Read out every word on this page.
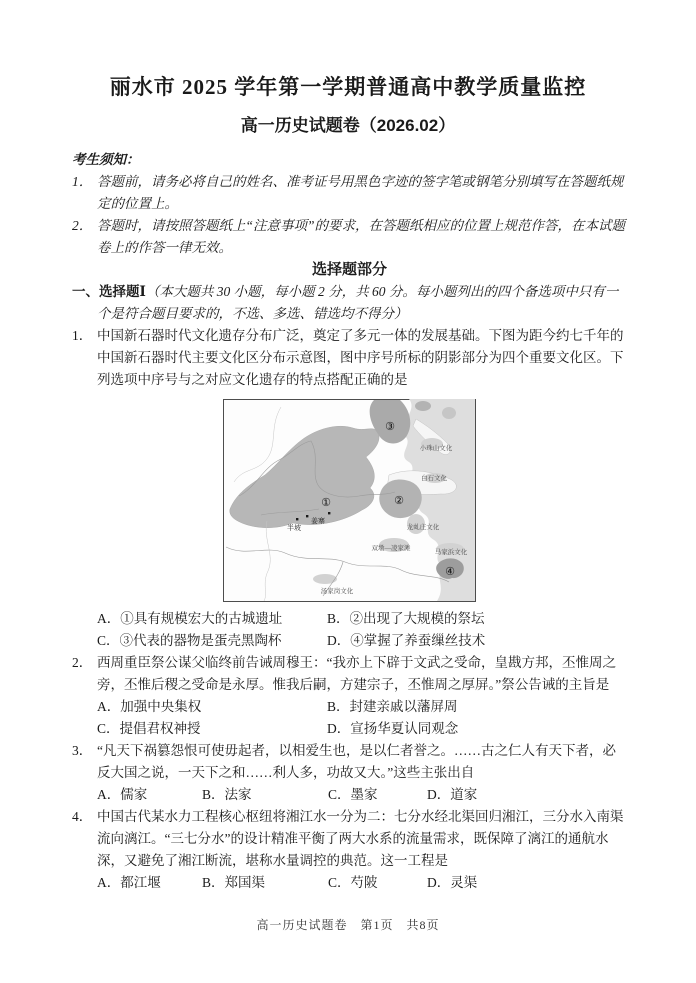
丽水市 2025 学年第一学期普通高中教学质量监控
高一历史试题卷（2026.02）
考生须知：
1． 答题前，请务必将自己的姓名、准考证号用黑色字迹的签字笔或钢笔分别填写在答题纸规定的位置上。
2． 答题时，请按照答题纸上“注意事项”的要求，在答题纸相应的位置上规范作答，在本试题卷上的作答一律无效。
选择题部分
一、选择题Ⅰ（本大题共 30 小题，每小题 2 分，共 60 分。每小题列出的四个备选项中只有一个是符合题目要求的，不选、多选、错选均不得分）
1． 中国新石器时代文化遗存分布广泛，奠定了多元一体的发展基础。下图为距今约七千年的中国新石器时代主要文化区分布示意图，图中序号所标的阴影部分为四个重要文化区。下列选项中序号与之对应文化遗存的特点搭配正确的是
①	②
③
④
半坡
姜寨
小珠山文化
白石文化
龙虬庄文化
双墩—凌家滩
马家浜文化
汤家岗文化
A．①具有规模宏大的古城遗址	B．②出现了大规模的祭坛
C．③代表的器物是蛋壳黑陶杯	D．④掌握了养蚕缫丝技术
2． 西周重臣祭公谋父临终前告诫周穆王：“我亦上下辟于文武之受命，皇戡方邦，丕惟周之旁，丕惟后稷之受命是永厚。惟我后嗣，方建宗子，丕惟周之厚屏。”祭公告诫的主旨是
A．加强中央集权	B．封建亲戚以藩屏周
C．提倡君权神授	D．宣扬华夏认同观念
3． “凡天下祸篡怨恨可使毋起者，以相爱生也，是以仁者誉之。……古之仁人有天下者，必反大国之说，一天下之和……利人多，功故又大。”这些主张出自
A．儒家	B．法家	C．墨家	D．道家
4． 中国古代某水力工程核心枢纽将湘江水一分为二：七分水经北渠回归湘江，三分水入南渠流向漓江。“三七分水”的设计精准平衡了两大水系的流量需求，既保障了漓江的通航水深，又避免了湘江断流，堪称水量调控的典范。这一工程是
A．都江堰	B．郑国渠	C．芍陂	D．灵渠
高一历史试题卷　第1页　共8页
